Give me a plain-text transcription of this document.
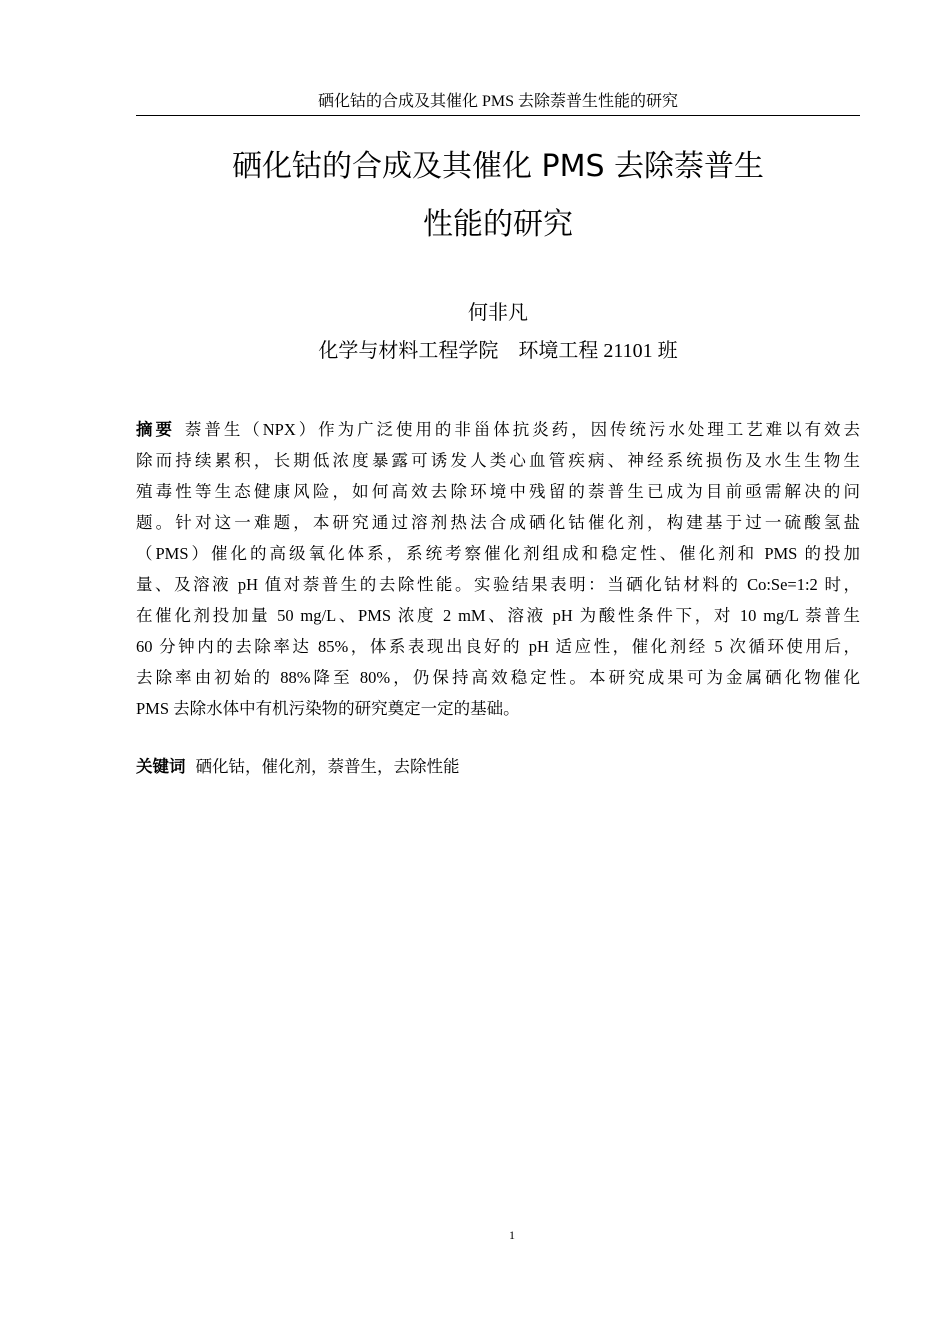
硒化钴的合成及其催化 PMS 去除萘普生性能的研究
硒化钴的合成及其催化 PMS 去除萘普生
性能的研究
何非凡
化学与材料工程学院    环境工程 21101 班
摘要 萘普生（NPX）作为广泛使用的非甾体抗炎药，因传统污水处理工艺难以有效去
除而持续累积，长期低浓度暴露可诱发人类心血管疾病、神经系统损伤及水生生物生
殖毒性等生态健康风险，如何高效去除环境中残留的萘普生已成为目前亟需解决的问
题。针对这一难题，本研究通过溶剂热法合成硒化钴催化剂，构建基于过一硫酸氢盐
（PMS）催化的高级氧化体系，系统考察催化剂组成和稳定性、催化剂和 PMS 的投加
量、及溶液 pH 值对萘普生的去除性能。实验结果表明：当硒化钴材料的 Co:Se=1:2 时，
在催化剂投加量 50 mg/L、PMS 浓度 2 mM、溶液 pH 为酸性条件下，对 10 mg/L 萘普生
60 分钟内的去除率达 85%，体系表现出良好的 pH 适应性，催化剂经 5 次循环使用后，
去除率由初始的 88%降至 80%，仍保持高效稳定性。本研究成果可为金属硒化物催化
PMS 去除水体中有机污染物的研究奠定一定的基础。
关键词 硒化钴，催化剂，萘普生，去除性能
1
